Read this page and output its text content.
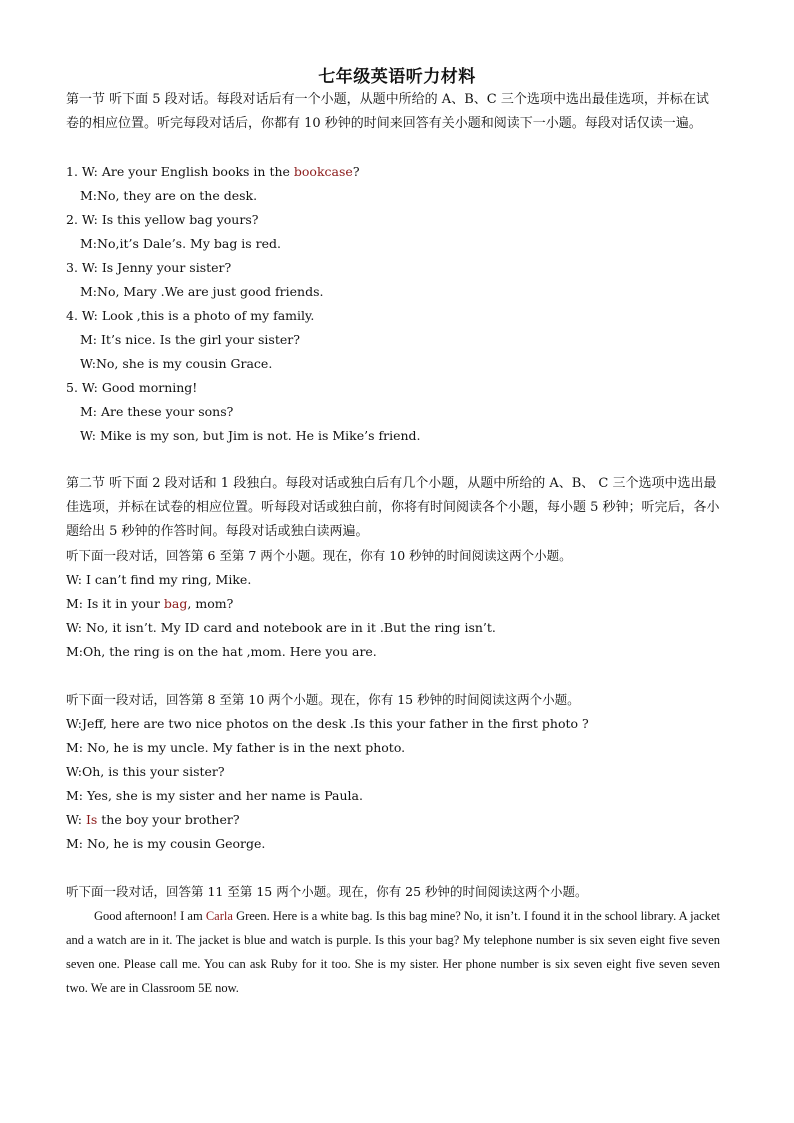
七年级英语听力材料
第一节 听下面 5 段对话。每段对话后有一个小题，从题中所给的 A、B、C 三个选项中选出最佳选项，并标在试卷的相应位置。听完每段对话后，你都有 10 秒钟的时间来回答有关小题和阅读下一小题。每段对话仅读一遍。
1. W: Are your English books in the bookcase?
M:No, they are on the desk.
2. W: Is this yellow bag yours?
M:No,it’s Dale’s. My bag is red.
3. W: Is Jenny your sister?
M:No, Mary .We are just good friends.
4. W: Look ,this is a photo of my family.
M: It’s nice. Is the girl your sister?
W:No, she is my cousin Grace.
5. W: Good morning!
M: Are these your sons?
W: Mike is my son, but Jim is not. He is Mike’s friend.
第二节 听下面 2 段对话和 1 段独白。每段对话或独白后有几个小题，从题中所给的 A、B、 C 三个选项中选出最佳选项，并标在试卷的相应位置。听每段对话或独白前，你将有时间阅读各个小题，每小题 5 秒钟；听完后，各小题给出 5 秒钟的作答时间。每段对话或独白读两遍。
听下面一段对话，回答第 6 至第 7 两个小题。现在，你有 10 秒钟的时间阅读这两个小题。
W: I can’t find my ring, Mike.
M: Is it in your bag, mom?
W: No, it isn’t. My ID card and notebook are in it .But the ring isn’t.
M:Oh, the ring is on the hat ,mom. Here you are.
听下面一段对话，回答第 8 至第 10 两个小题。现在，你有 15 秒钟的时间阅读这两个小题。
W:Jeff, here are two nice photos on the desk .Is this your father in the first photo ?
M: No, he is my uncle. My father is in the next photo.
W:Oh, is this your sister?
M: Yes, she is my sister and her name is Paula.
W: Is the boy your brother?
M: No, he is my cousin George.
听下面一段对话，回答第 11 至第 15 两个小题。现在，你有 25 秒钟的时间阅读这两个小题。
Good afternoon! I am Carla Green. Here is a white bag. Is this bag mine? No, it isn’t. I found it in the school library. A jacket and a watch are in it. The jacket is blue and watch is purple. Is this your bag? My telephone number is six seven eight five seven seven one. Please call me. You can ask Ruby for it too. She is my sister. Her phone number is six seven eight five seven seven two. We are in Classroom 5E now.
